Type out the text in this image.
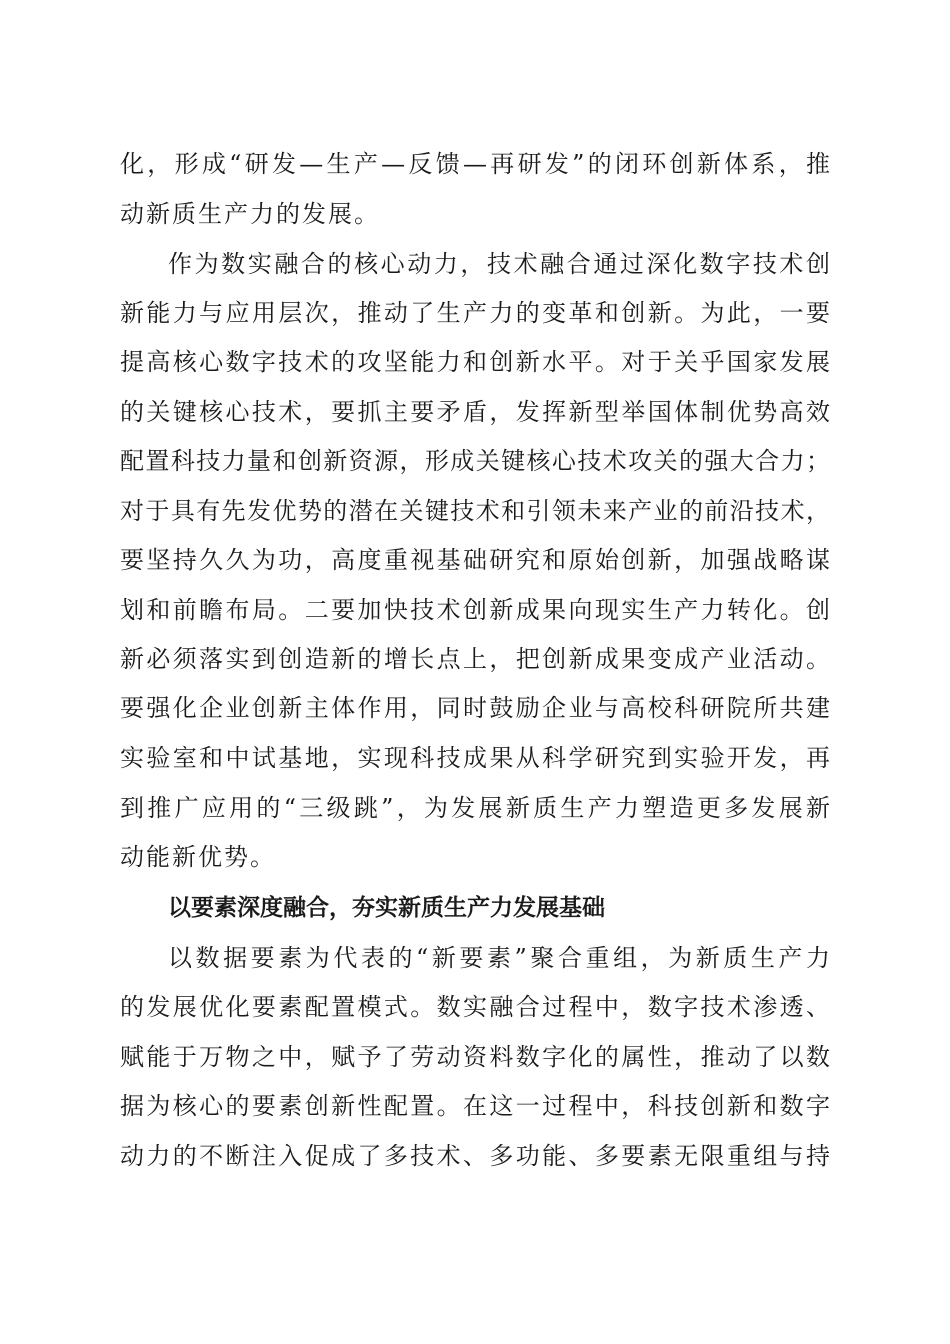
化，形成“研发—生产—反馈—再研发”的闭环创新体系，推
动新质生产力的发展。
作为数实融合的核心动力，技术融合通过深化数字技术创
新能力与应用层次，推动了生产力的变革和创新。为此，一要
提高核心数字技术的攻坚能力和创新水平。对于关乎国家发展
的关键核心技术，要抓主要矛盾，发挥新型举国体制优势高效
配置科技力量和创新资源，形成关键核心技术攻关的强大合力；
对于具有先发优势的潜在关键技术和引领未来产业的前沿技术，
要坚持久久为功，高度重视基础研究和原始创新，加强战略谋
划和前瞻布局。二要加快技术创新成果向现实生产力转化。创
新必须落实到创造新的增长点上，把创新成果变成产业活动。
要强化企业创新主体作用，同时鼓励企业与高校科研院所共建
实验室和中试基地，实现科技成果从科学研究到实验开发，再
到推广应用的“三级跳”，为发展新质生产力塑造更多发展新
动能新优势。
以要素深度融合，夯实新质生产力发展基础
以数据要素为代表的“新要素”聚合重组，为新质生产力
的发展优化要素配置模式。数实融合过程中，数字技术渗透、
赋能于万物之中，赋予了劳动资料数字化的属性，推动了以数
据为核心的要素创新性配置。在这一过程中，科技创新和数字
动力的不断注入促成了多技术、多功能、多要素无限重组与持
